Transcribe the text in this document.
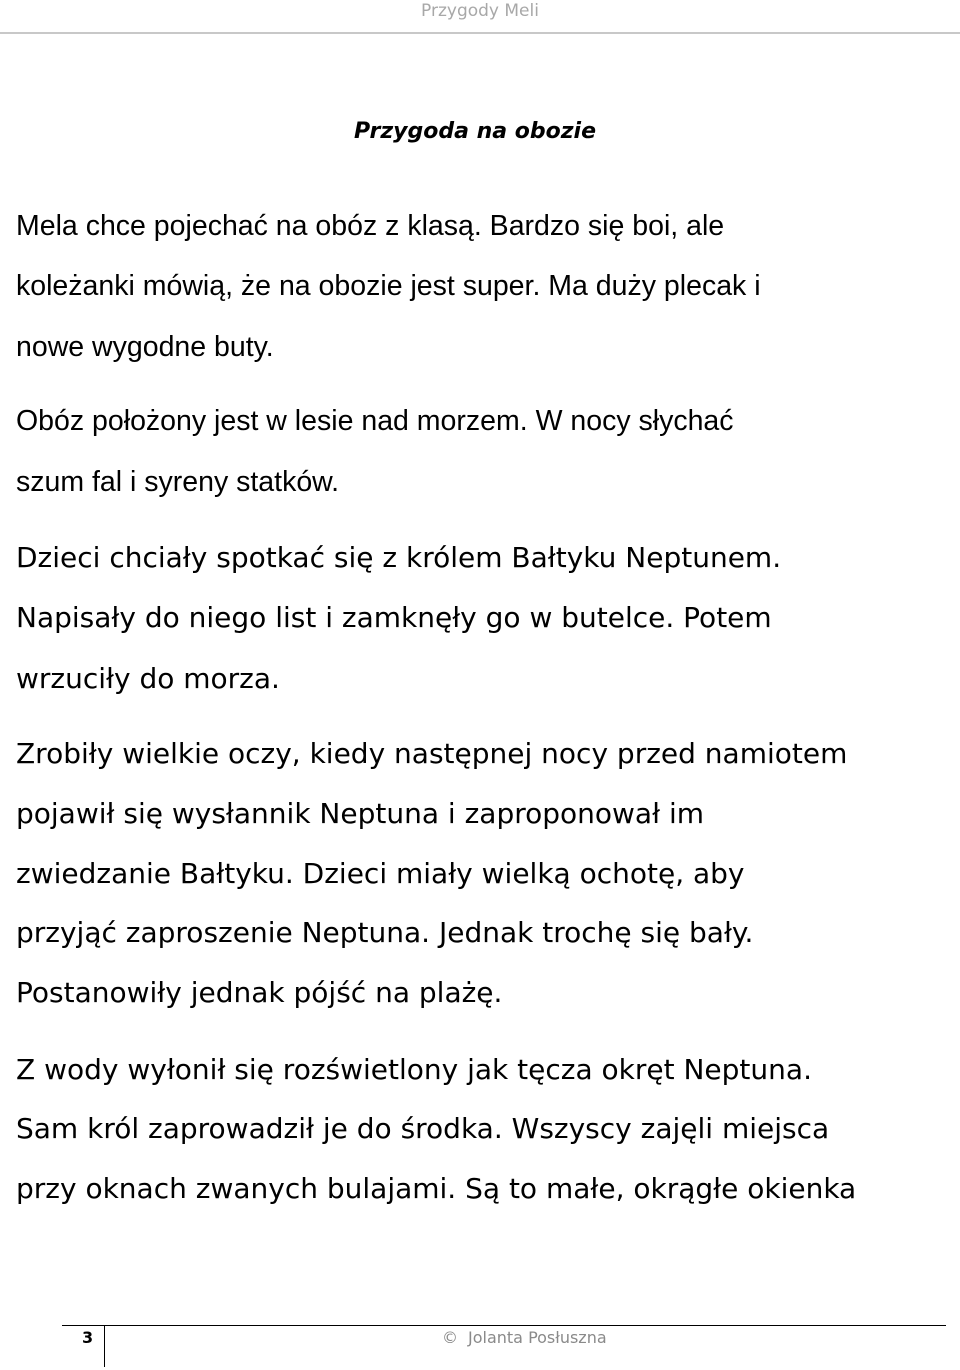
Przygody Meli
Przygoda na obozie
Mela chce pojechać na obóz z klasą. Bardzo się boi, ale
koleżanki mówią, że na obozie jest super. Ma duży plecak i
nowe wygodne buty.
Obóz położony jest w lesie nad morzem. W nocy słychać
szum fal i syreny statków.
Dzieci chciały spotkać się z królem Bałtyku Neptunem.
Napisały do niego list i zamknęły go w butelce. Potem
wrzuciły do morza.
Zrobiły wielkie oczy, kiedy następnej nocy przed namiotem
pojawił się wysłannik Neptuna i zaproponował im
zwiedzanie Bałtyku. Dzieci miały wielką ochotę, aby
przyjąć zaproszenie Neptuna. Jednak trochę się bały.
Postanowiły jednak pójść na plażę.
Z wody wyłonił się rozświetlony jak tęcza okręt Neptuna.
Sam król zaprowadził je do środka. Wszyscy zajęli miejsca
przy oknach zwanych bulajami. Są to małe, okrągłe okienka
3	© Jolanta Posłuszna
